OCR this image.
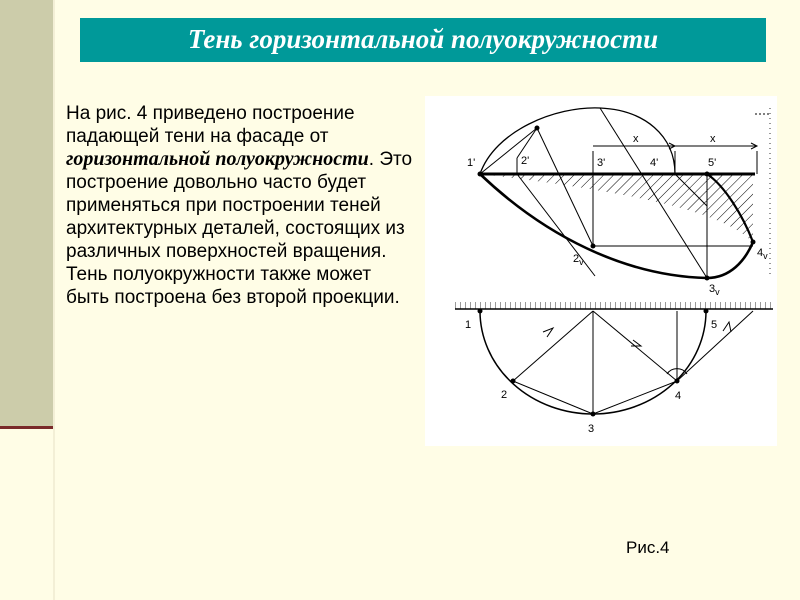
Тень горизонтальной полуокружности
На рис. 4 приведено построение падающей тени на фасаде от горизонтальной полуокружности. Это построение довольно часто будет применяться при построении теней архитектурных деталей, состоящих из различных поверхностей вращения. Тень полуокружности также может быть построена без второй проекции.
1'	2'	3'	4'	5'
x	x
$2_v$
$3_v$
$4_v$
1
2
3
4
5
Рис.4
